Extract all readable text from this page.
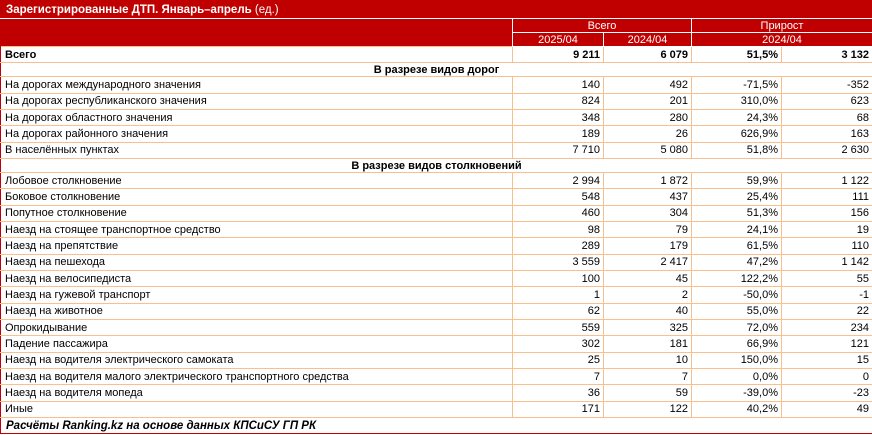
Зарегистрированные ДТП. Январь–апрель (ед.)				
	Всего		Прирост	
	2025/04	2024/04	2024/04	
Всего	9 211	6 079	51,5%	3 132
В разрезе видов дорог				
На дорогах международного значения	140	492	-71,5%	-352
На дорогах республиканского значения	824	201	310,0%	623
На дорогах областного значения	348	280	24,3%	68
На дорогах районного значения	189	26	626,9%	163
В населённых пунктах	7 710	5 080	51,8%	2 630
В разрезе видов столкновений				
Лобовое столкновение	2 994	1 872	59,9%	1 122
Боковое столкновение	548	437	25,4%	111
Попутное столкновение	460	304	51,3%	156
Наезд на стоящее транспортное средство	98	79	24,1%	19
Наезд на препятствие	289	179	61,5%	110
Наезд на пешехода	3 559	2 417	47,2%	1 142
Наезд на велосипедиста	100	45	122,2%	55
Наезд на гужевой транспорт	1	2	-50,0%	-1
Наезд на животное	62	40	55,0%	22
Опрокидывание	559	325	72,0%	234
Падение пассажира	302	181	66,9%	121
Наезд на водителя электрического самоката	25	10	150,0%	15
Наезд на водителя малого электрического транспортного средства	7	7	0,0%	0
Наезд на водителя мопеда	36	59	-39,0%	-23
Иные	171	122	40,2%	49
Расчёты Ranking.kz на основе данных КПСиСУ ГП РК				
